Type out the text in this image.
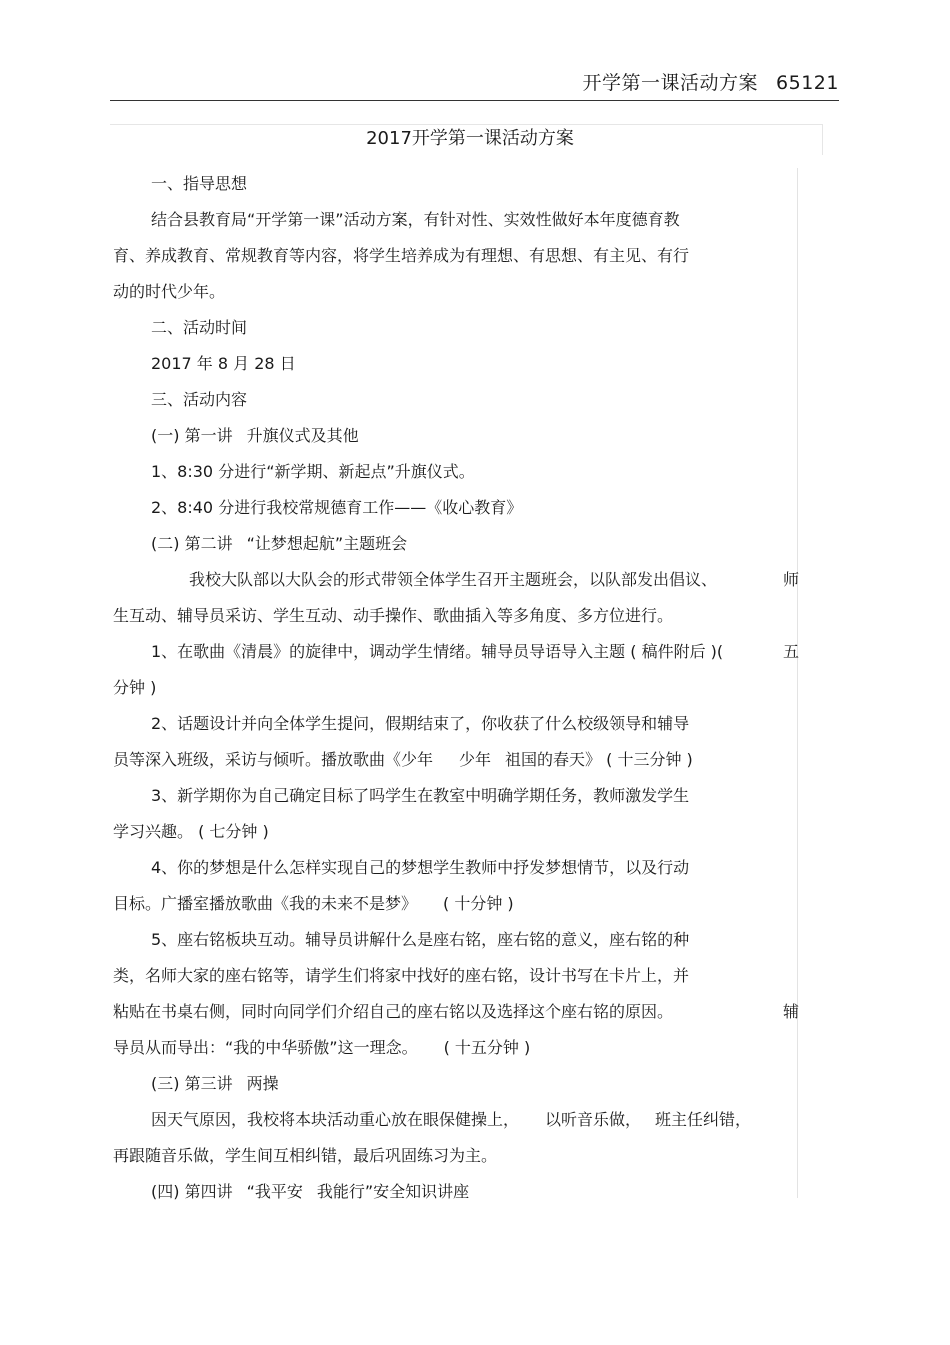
开学第一课活动方案 65121
2017开学第一课活动方案

一、指导思想

结合县教育局“开学第一课”活动方案，有针对性、实效性做好本年度德育教

育、养成教育、常规教育等内容，将学生培养成为有理想、有思想、有主见、有行

动的时代少年。

二、活动时间

2017 年 8 月 28 日

三、活动内容

(一) 第一讲 升旗仪式及其他

1、8:30 分进行“新学期、新起点”升旗仪式。

2、8:40 分进行我校常规德育工作——《收心教育》

(二) 第二讲 “让梦想起航”主题班会

我校大队部以大队会的形式带领全体学生召开主题班会，以队部发出倡议、	师

生互动、辅导员采访、学生互动、动手操作、歌曲插入等多角度、多方位进行。

1、在歌曲《清晨》的旋律中，调动学生情绪。辅导员导语导入主题 ( 稿件附后 )(	五

分钟 )

2、话题设计并向全体学生提问，假期结束了，你收获了什么校级领导和辅导

员等深入班级，采访与倾听。播放歌曲《少年 少年 祖国的春天》 ( 十三分钟 )

3、新学期你为自己确定目标了吗学生在教室中明确学期任务，教师激发学生

学习兴趣。 ( 七分钟 )

4、你的梦想是什么怎样实现自己的梦想学生教师中抒发梦想情节，以及行动

目标。广播室播放歌曲《我的未来不是梦》 ( 十分钟 )

5、座右铭板块互动。辅导员讲解什么是座右铭，座右铭的意义，座右铭的种

类，名师大家的座右铭等，请学生们将家中找好的座右铭，设计书写在卡片上，并

粘贴在书桌右侧，同时向同学们介绍自己的座右铭以及选择这个座右铭的原因。	辅

导员从而导出：“我的中华骄傲”这一理念。 ( 十五分钟 )

(三) 第三讲 两操

因天气原因，我校将本块活动重心放在眼保健操上， 以听音乐做， 班主任纠错，

再跟随音乐做，学生间互相纠错，最后巩固练习为主。

(四) 第四讲 “我平安 我能行”安全知识讲座
